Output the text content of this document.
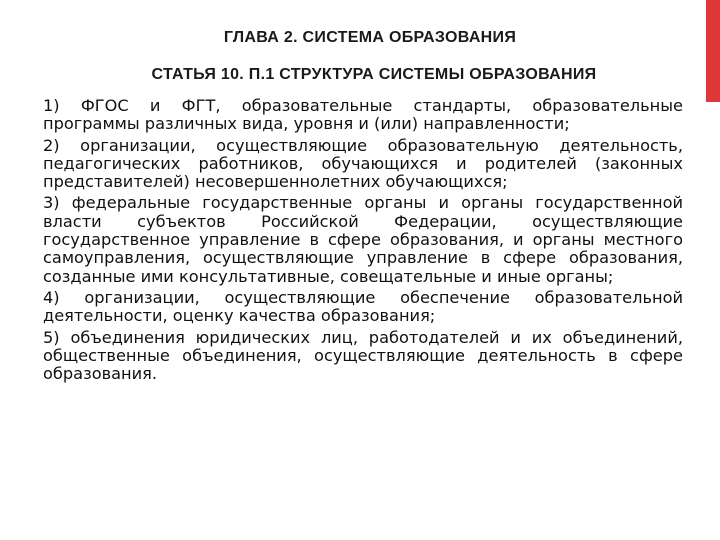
ГЛАВА 2. СИСТЕМА ОБРАЗОВАНИЯ
СТАТЬЯ 10. П.1 СТРУКТУРА СИСТЕМЫ ОБРАЗОВАНИЯ

1) ФГОС и ФГТ, образовательные стандарты, образовательные программы различных вида, уровня и (или) направленности;

2) организации, осуществляющие образовательную деятельность, педагогических работников, обучающихся и родителей (законных представителей) несовершеннолетних обучающихся;

3) федеральные государственные органы и органы государственной власти субъектов Российской Федерации, осуществляющие государственное управление в сфере образования, и органы местного самоуправления, осуществляющие управление в сфере образования, созданные ими консультативные, совещательные и иные органы;

4) организации, осуществляющие обеспечение образовательной деятельности, оценку качества образования;

5) объединения юридических лиц, работодателей и их объединений, общественные объединения, осуществляющие деятельность в сфере образования.
